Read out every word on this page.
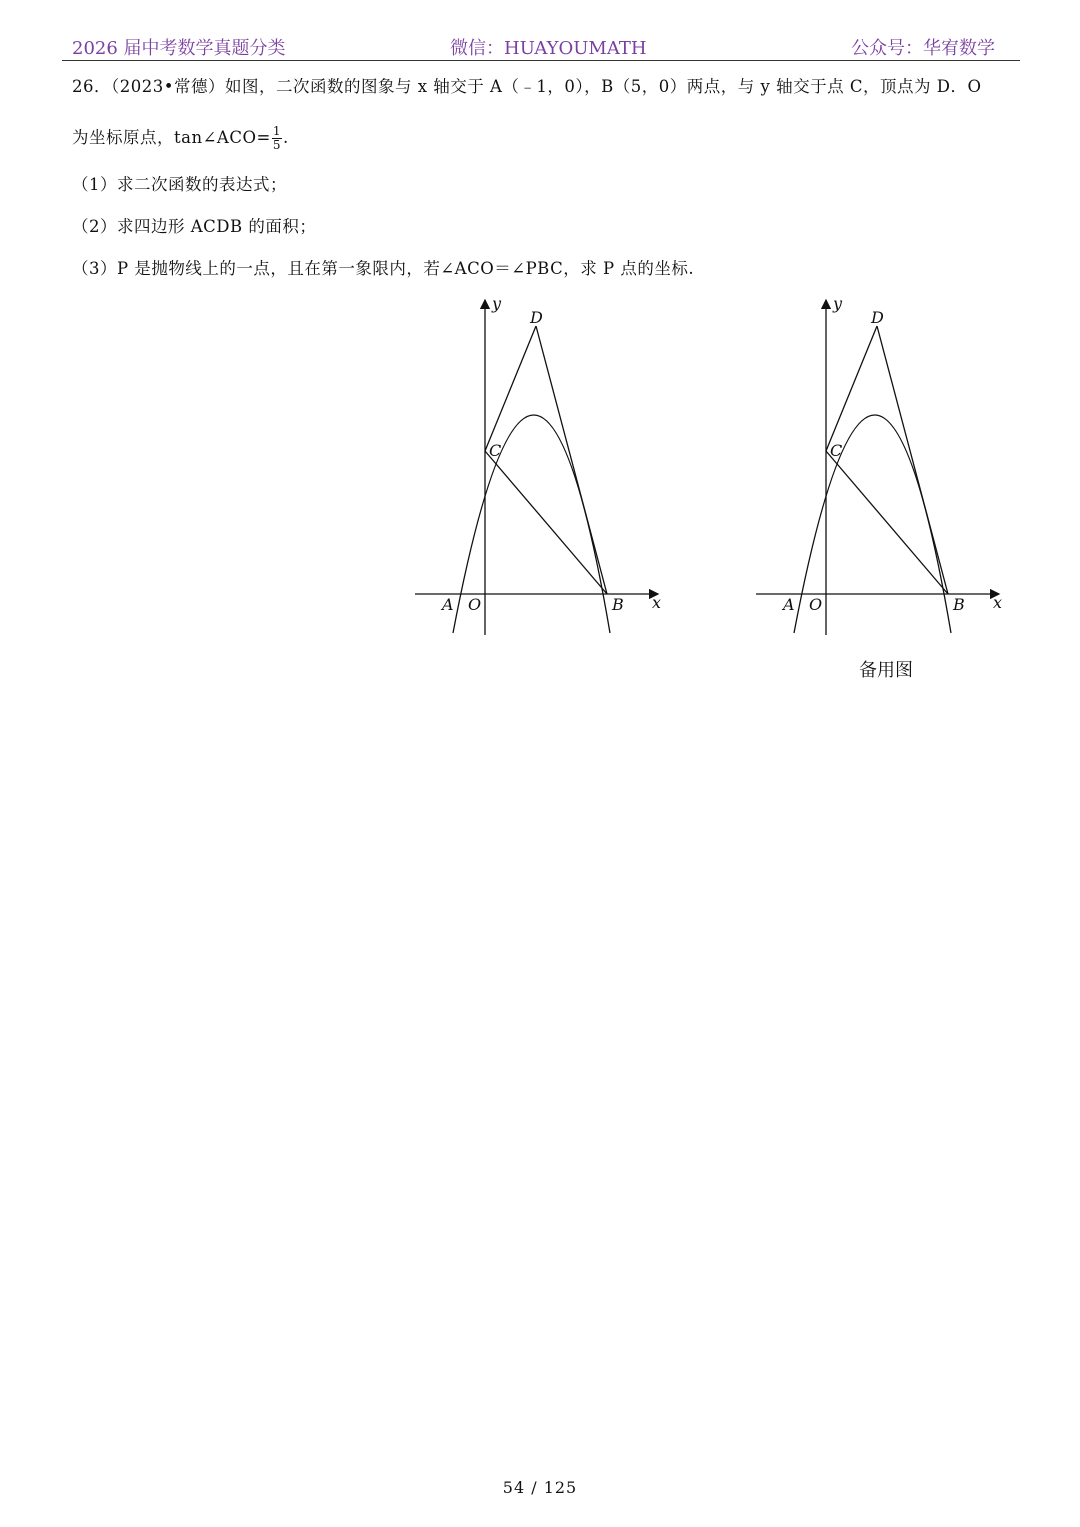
2026 届中考数学真题分类	微信：HUAYOUMATH	公众号：华宥数学
26．（2023•常德）如图，二次函数的图象与 x 轴交于 A（﹣1，0），B（5，0）两点，与 y 轴交于点 C，顶点为 D．O
为坐标原点，tan∠ACO= $\frac{1}{5}$ .
（1）求二次函数的表达式；
（2）求四边形 ACDB 的面积；
（3）P 是抛物线上的一点，且在第一象限内，若∠ACO＝∠PBC，求 P 点的坐标.
y
x
A O	B
C
D
y
x
A O	B
C
D
备用图
54 / 125
